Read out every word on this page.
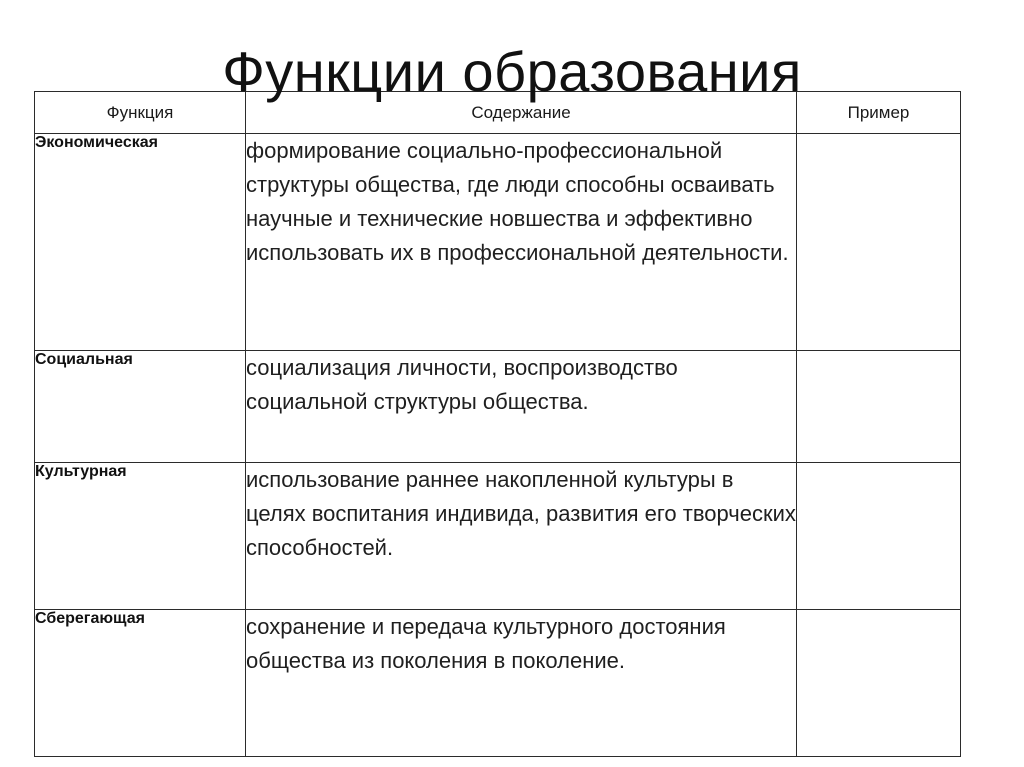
Функции образования
Функция	Содержание	Пример
Экономическая	формирование социально-профессиональной структуры общества, где люди способны осваивать научные и технические новшества и эффективно использовать их в профессиональной деятельности.	
Социальная	социализация личности, воспроизводство социальной структуры общества.	
Культурная	использование раннее накопленной культуры в целях воспитания индивида, развития его творческих способностей.	
Сберегающая	сохранение и передача культурного достояния общества из поколения в поколение.	
